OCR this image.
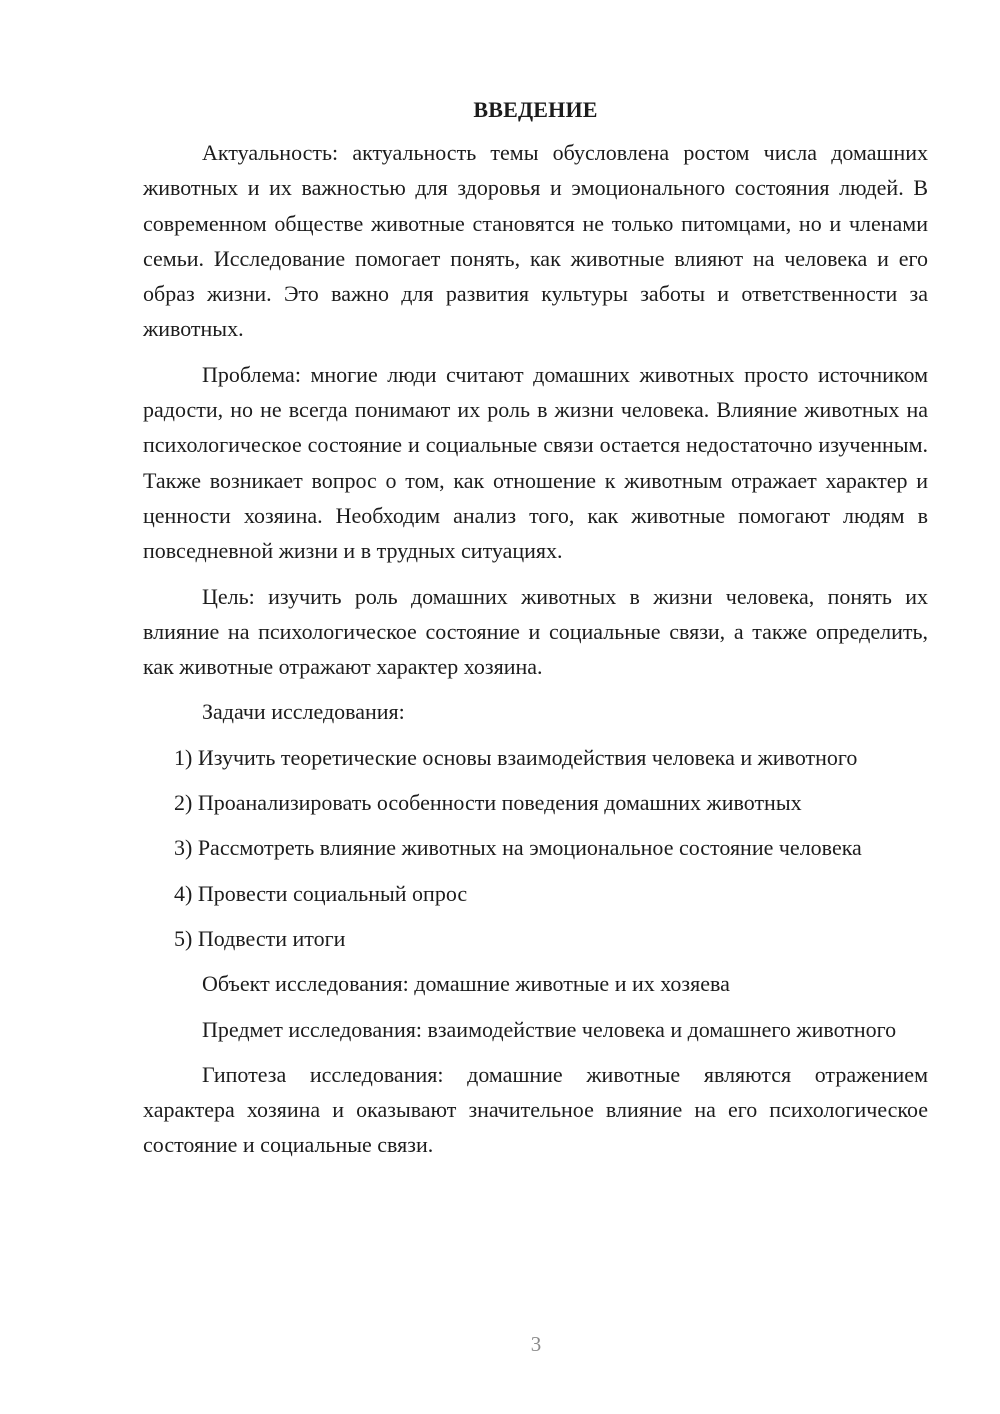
ВВЕДЕНИЕ

Актуальность: актуальность темы обусловлена ростом числа домашних животных и их важностью для здоровья и эмоционального состояния людей. В современном обществе животные становятся не только питомцами, но и членами семьи. Исследование помогает понять, как животные влияют на человека и его образ жизни. Это важно для развития культуры заботы и ответственности за животных.

Проблема: многие люди считают домашних животных просто источником радости, но не всегда понимают их роль в жизни человека. Влияние животных на психологическое состояние и социальные связи остается недостаточно изученным. Также возникает вопрос о том, как отношение к животным отражает характер и ценности хозяина. Необходим анализ того, как животные помогают людям в повседневной жизни и в трудных ситуациях.

Цель: изучить роль домашних животных в жизни человека, понять их влияние на психологическое состояние и социальные связи, а также определить, как животные отражают характер хозяина.

Задачи исследования:

1) Изучить теоретические основы взаимодействия человека и животного

2) Проанализировать особенности поведения домашних животных

3) Рассмотреть влияние животных на эмоциональное состояние человека

4) Провести социальный опрос

5) Подвести итоги

Объект исследования: домашние животные и их хозяева

Предмет исследования: взаимодействие человека и домашнего животного

Гипотеза исследования: домашние животные являются отражением характера хозяина и оказывают значительное влияние на его психологическое состояние и социальные связи.

3
